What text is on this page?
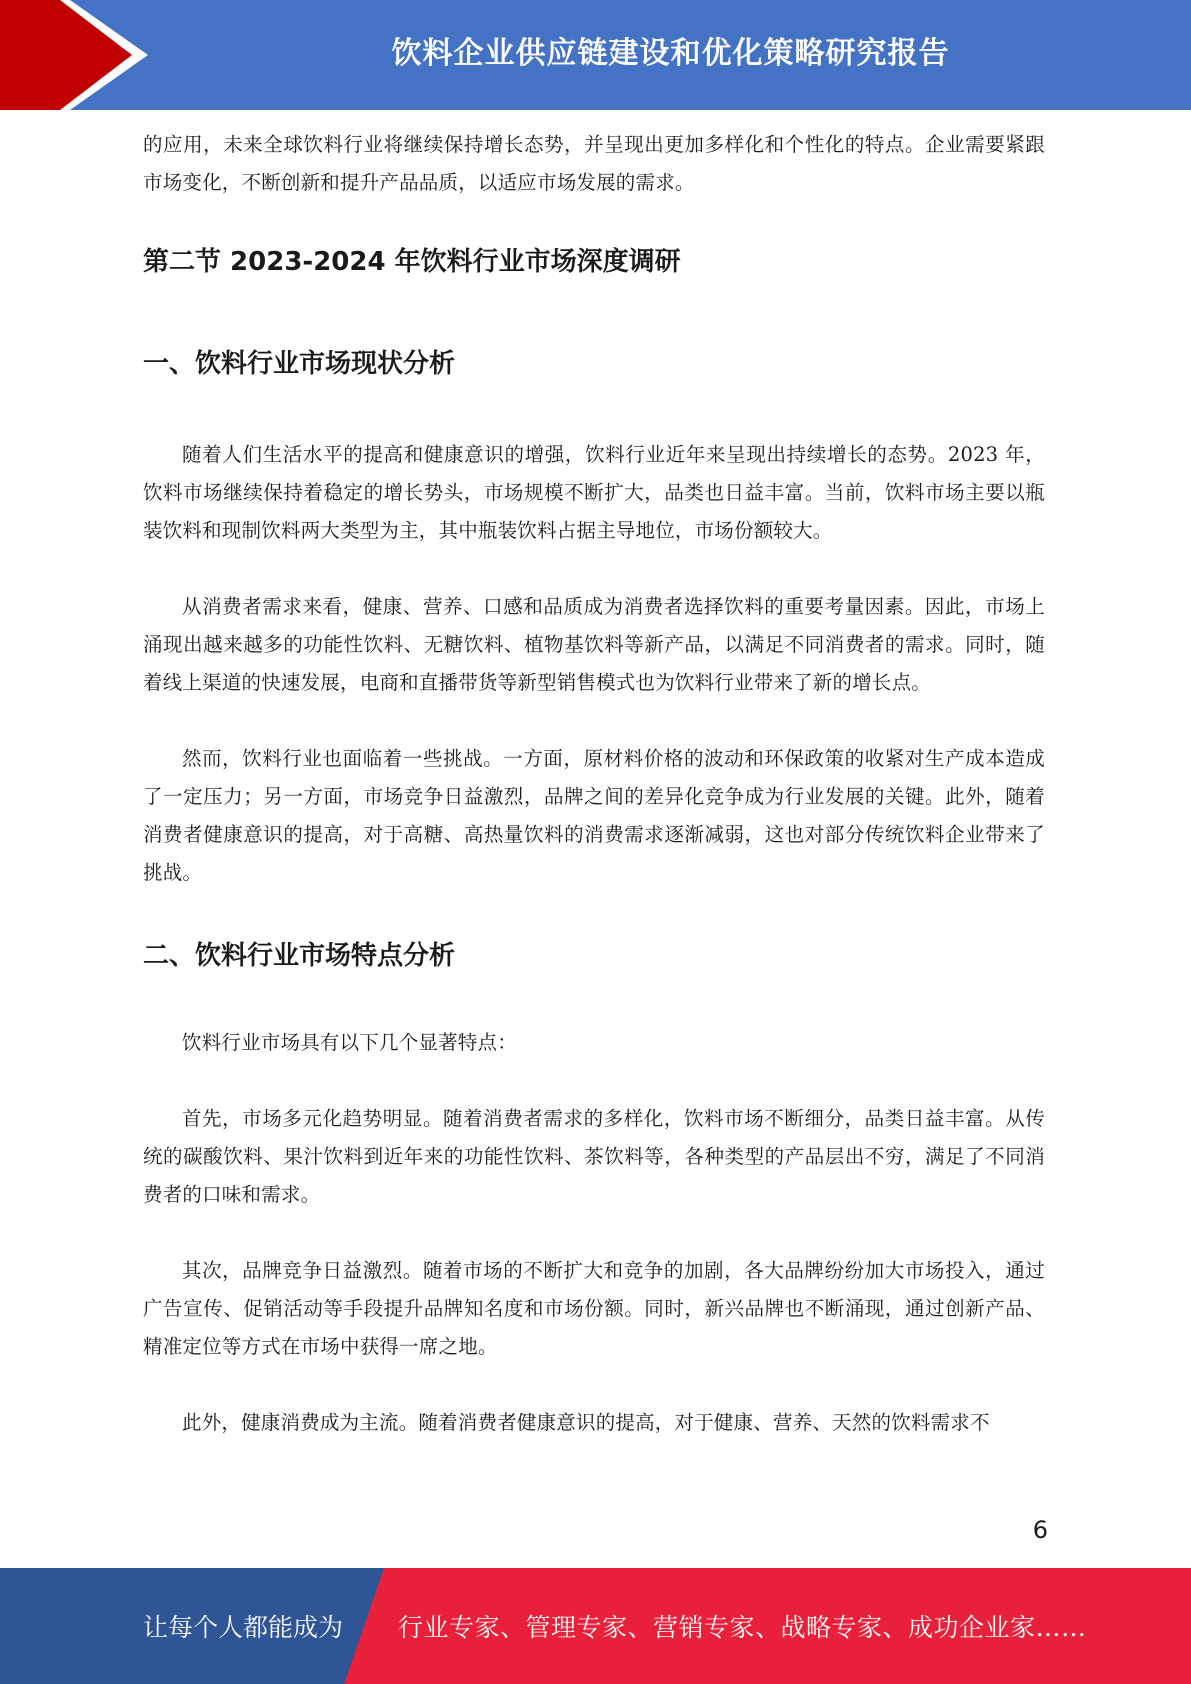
饮料企业供应链建设和优化策略研究报告

的应用，未来全球饮料行业将继续保持增长态势，并呈现出更加多样化和个性化的特点。企业需要紧跟市场变化，不断创新和提升产品品质，以适应市场发展的需求。

第二节 2023-2024 年饮料行业市场深度调研
一、饮料行业市场现状分析

随着人们生活水平的提高和健康意识的增强，饮料行业近年来呈现出持续增长的态势。2023 年，饮料市场继续保持着稳定的增长势头，市场规模不断扩大，品类也日益丰富。当前，饮料市场主要以瓶装饮料和现制饮料两大类型为主，其中瓶装饮料占据主导地位，市场份额较大。

从消费者需求来看，健康、营养、口感和品质成为消费者选择饮料的重要考量因素。因此，市场上涌现出越来越多的功能性饮料、无糖饮料、植物基饮料等新产品，以满足不同消费者的需求。同时，随着线上渠道的快速发展，电商和直播带货等新型销售模式也为饮料行业带来了新的增长点。

然而，饮料行业也面临着一些挑战。一方面，原材料价格的波动和环保政策的收紧对生产成本造成了一定压力；另一方面，市场竞争日益激烈，品牌之间的差异化竞争成为行业发展的关键。此外，随着消费者健康意识的提高，对于高糖、高热量饮料的消费需求逐渐减弱，这也对部分传统饮料企业带来了挑战。

二、饮料行业市场特点分析

饮料行业市场具有以下几个显著特点：

首先，市场多元化趋势明显。随着消费者需求的多样化，饮料市场不断细分，品类日益丰富。从传统的碳酸饮料、果汁饮料到近年来的功能性饮料、茶饮料等，各种类型的产品层出不穷，满足了不同消费者的口味和需求。

其次，品牌竞争日益激烈。随着市场的不断扩大和竞争的加剧，各大品牌纷纷加大市场投入，通过广告宣传、促销活动等手段提升品牌知名度和市场份额。同时，新兴品牌也不断涌现，通过创新产品、精准定位等方式在市场中获得一席之地。

此外，健康消费成为主流。随着消费者健康意识的提高，对于健康、营养、天然的饮料需求不

6
让每个人都能成为 行业专家、管理专家、营销专家、战略专家、成功企业家……
